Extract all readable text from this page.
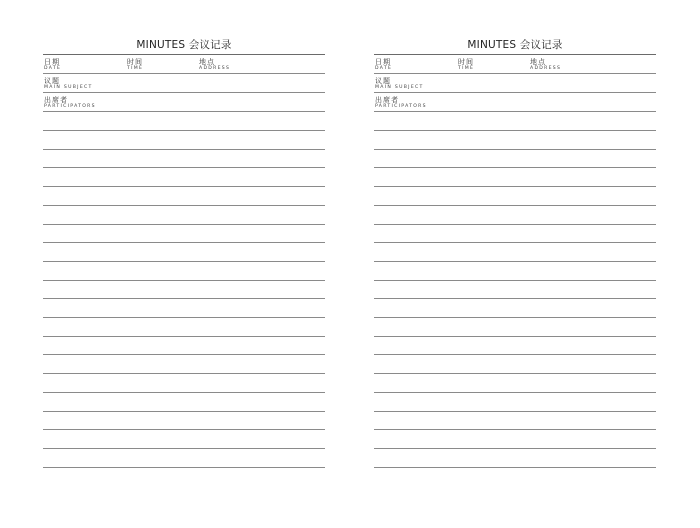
MINUTES 会议记录
日期
DATE
时间
TIME
地点
ADDRESS
议题
MAIN SUBJECT
出席者
PARTICIPATORS
MINUTES 会议记录
日期
DATE
时间
TIME
地点
ADDRESS
议题
MAIN SUBJECT
出席者
PARTICIPATORS
